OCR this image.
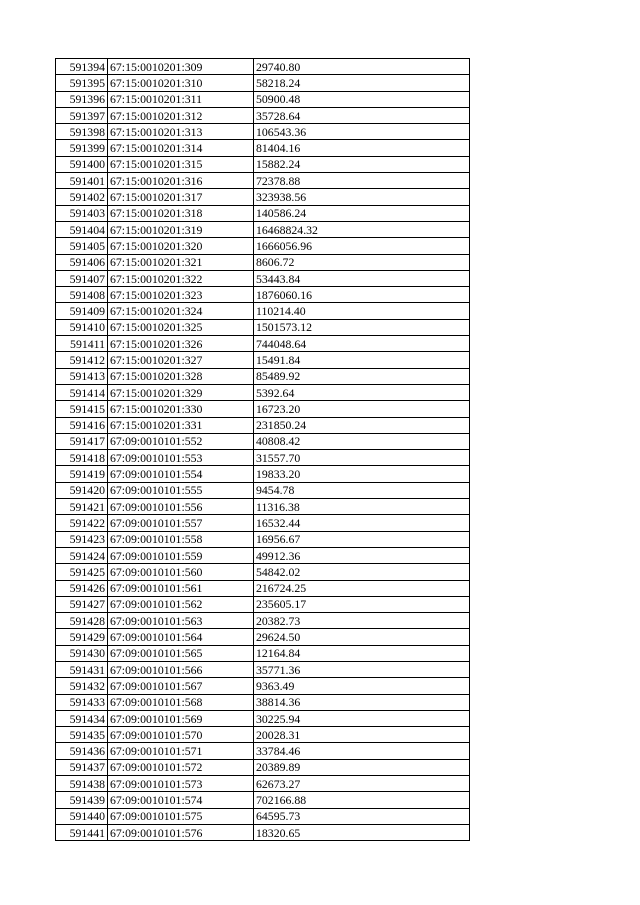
591394	67:15:0010201:309	29740.80
591395	67:15:0010201:310	58218.24
591396	67:15:0010201:311	50900.48
591397	67:15:0010201:312	35728.64
591398	67:15:0010201:313	106543.36
591399	67:15:0010201:314	81404.16
591400	67:15:0010201:315	15882.24
591401	67:15:0010201:316	72378.88
591402	67:15:0010201:317	323938.56
591403	67:15:0010201:318	140586.24
591404	67:15:0010201:319	16468824.32
591405	67:15:0010201:320	1666056.96
591406	67:15:0010201:321	8606.72
591407	67:15:0010201:322	53443.84
591408	67:15:0010201:323	1876060.16
591409	67:15:0010201:324	110214.40
591410	67:15:0010201:325	1501573.12
591411	67:15:0010201:326	744048.64
591412	67:15:0010201:327	15491.84
591413	67:15:0010201:328	85489.92
591414	67:15:0010201:329	5392.64
591415	67:15:0010201:330	16723.20
591416	67:15:0010201:331	231850.24
591417	67:09:0010101:552	40808.42
591418	67:09:0010101:553	31557.70
591419	67:09:0010101:554	19833.20
591420	67:09:0010101:555	9454.78
591421	67:09:0010101:556	11316.38
591422	67:09:0010101:557	16532.44
591423	67:09:0010101:558	16956.67
591424	67:09:0010101:559	49912.36
591425	67:09:0010101:560	54842.02
591426	67:09:0010101:561	216724.25
591427	67:09:0010101:562	235605.17
591428	67:09:0010101:563	20382.73
591429	67:09:0010101:564	29624.50
591430	67:09:0010101:565	12164.84
591431	67:09:0010101:566	35771.36
591432	67:09:0010101:567	9363.49
591433	67:09:0010101:568	38814.36
591434	67:09:0010101:569	30225.94
591435	67:09:0010101:570	20028.31
591436	67:09:0010101:571	33784.46
591437	67:09:0010101:572	20389.89
591438	67:09:0010101:573	62673.27
591439	67:09:0010101:574	702166.88
591440	67:09:0010101:575	64595.73
591441	67:09:0010101:576	18320.65
